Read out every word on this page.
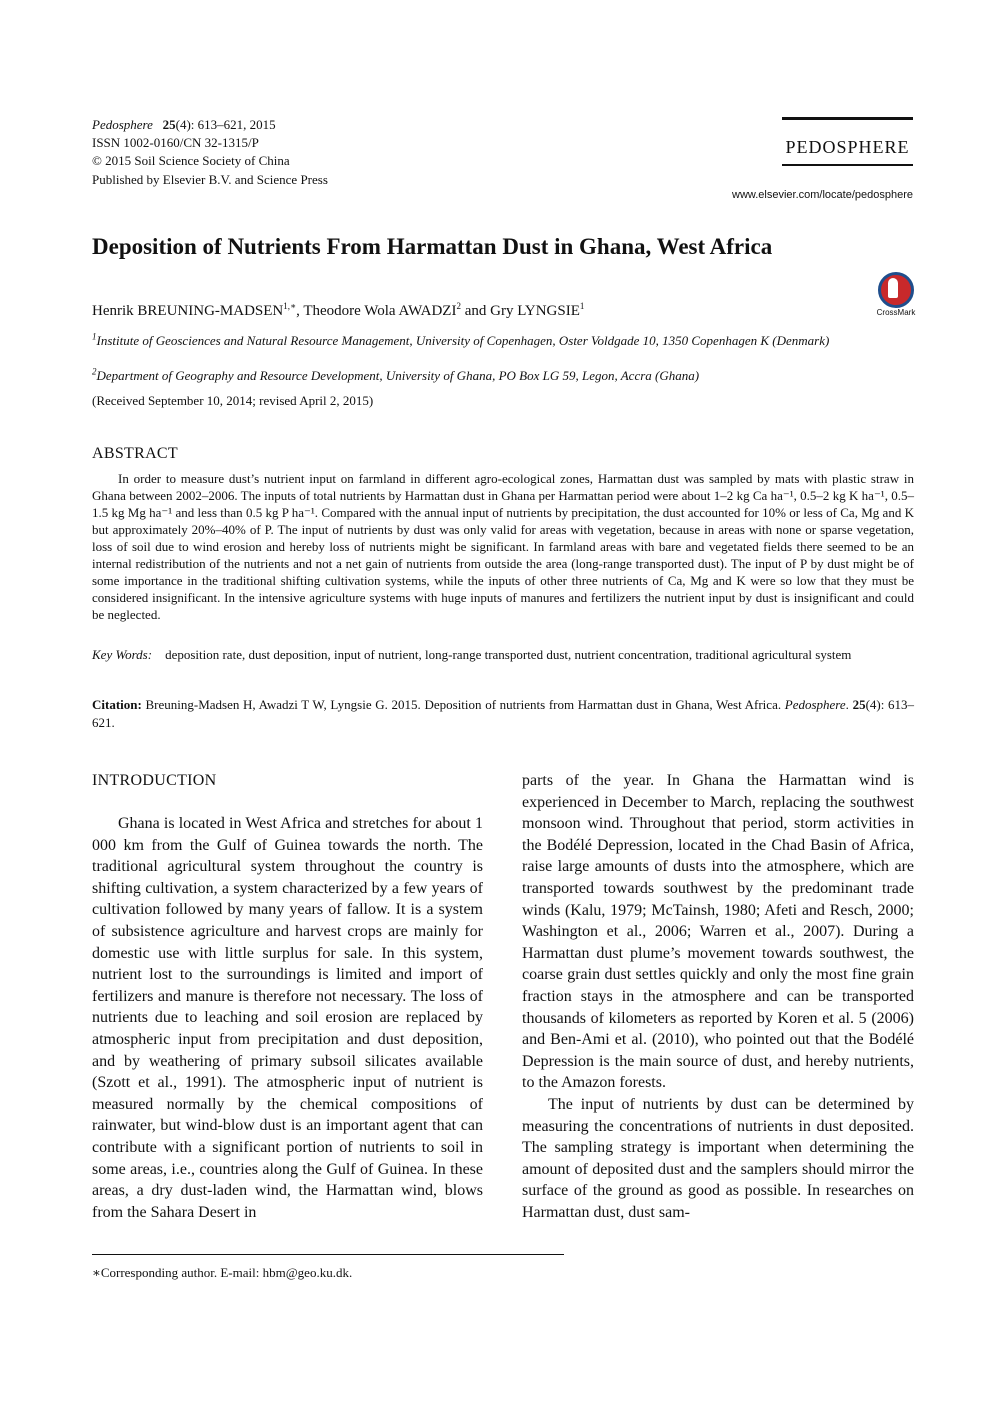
Pedosphere 25(4): 613–621, 2015
ISSN 1002-0160/CN 32-1315/P
© 2015 Soil Science Society of China
Published by Elsevier B.V. and Science Press
PEDOSPHERE
www.elsevier.com/locate/pedosphere
Deposition of Nutrients From Harmattan Dust in Ghana, West Africa
CrossMark
Henrik BREUNING-$MADSEN^{1,∗}$, Theodore Wola AWADZI$^2$ and Gry LYNGSIE$^1$
$^1$Institute of Geosciences and Natural Resource Management, University of Copenhagen, Oster Voldgade 10, 1350 Copenhagen K (Denmark)
$^2$Department of Geography and Resource Development, University of Ghana, PO Box LG 59, Legon, Accra (Ghana)
(Received September 10, 2014; revised April 2, 2015)
ABSTRACT
In order to measure dust’s nutrient input on farmland in different agro-ecological zones, Harmattan dust was sampled by mats with plastic straw in Ghana between 2002–2006. The inputs of total nutrients by Harmattan dust in Ghana per Harmattan period were about 1–2 kg Ca ha⁻¹, 0.5–2 kg K ha⁻¹, 0.5–1.5 kg Mg ha⁻¹ and less than 0.5 kg P ha⁻¹. Compared with the annual input of nutrients by precipitation, the dust accounted for 10% or less of Ca, Mg and K but approximately 20%–40% of P. The input of nutrients by dust was only valid for areas with vegetation, because in areas with none or sparse vegetation, loss of soil due to wind erosion and hereby loss of nutrients might be significant. In farmland areas with bare and vegetated fields there seemed to be an internal redistribution of the nutrients and not a net gain of nutrients from outside the area (long-range transported dust). The input of P by dust might be of some importance in the traditional shifting cultivation systems, while the inputs of other three nutrients of Ca, Mg and K were so low that they must be considered insignificant. In the intensive agriculture systems with huge inputs of manures and fertilizers the nutrient input by dust is insignificant and could be neglected.
Key Words: deposition rate, dust deposition, input of nutrient, long-range transported dust, nutrient concentration, traditional agricultural system
Citation: Breuning-Madsen H, Awadzi T W, Lyngsie G. 2015. Deposition of nutrients from Harmattan dust in Ghana, West Africa. Pedosphere. 25(4): 613–621.
INTRODUCTION

Ghana is located in West Africa and stretches for about 1 000 km from the Gulf of Guinea towards the north. The traditional agricultural system throughout the country is shifting cultivation, a system characterized by a few years of cultivation followed by many years of fallow. It is a system of subsistence agriculture and harvest crops are mainly for domestic use with little surplus for sale. In this system, nutrient lost to the surroundings is limited and import of fertilizers and manure is therefore not necessary. The loss of nutrients due to leaching and soil erosion are replaced by atmospheric input from precipitation and dust deposition, and by weathering of primary subsoil silicates available (Szott et al., 1991). The atmospheric input of nutrient is measured normally by the chemical compositions of rainwater, but wind-blow dust is an important agent that can contribute with a significant portion of nutrients to soil in some areas, i.e., countries along the Gulf of Guinea. In these areas, a dry dust-laden wind, the Harmattan wind, blows from the Sahara Desert in

parts of the year. In Ghana the Harmattan wind is experienced in December to March, replacing the southwest monsoon wind. Throughout that period, storm activities in the Bodélé Depression, located in the Chad Basin of Africa, raise large amounts of dusts into the atmosphere, which are transported towards southwest by the predominant trade winds (Kalu, 1979; McTainsh, 1980; Afeti and Resch, 2000; Washington et al., 2006; Warren et al., 2007). During a Harmattan dust plume’s movement towards southwest, the coarse grain dust settles quickly and only the most fine grain fraction stays in the atmosphere and can be transported thousands of kilometers as reported by Koren et al. 5 (2006) and Ben-Ami et al. (2010), who pointed out that the Bodélé Depression is the main source of dust, and hereby nutrients, to the Amazon forests.

The input of nutrients by dust can be determined by measuring the concentrations of nutrients in dust deposited. The sampling strategy is important when determining the amount of deposited dust and the samplers should mirror the surface of the ground as good as possible. In researches on Harmattan dust, dust sam-

∗Corresponding author. E-mail: hbm@geo.ku.dk.
